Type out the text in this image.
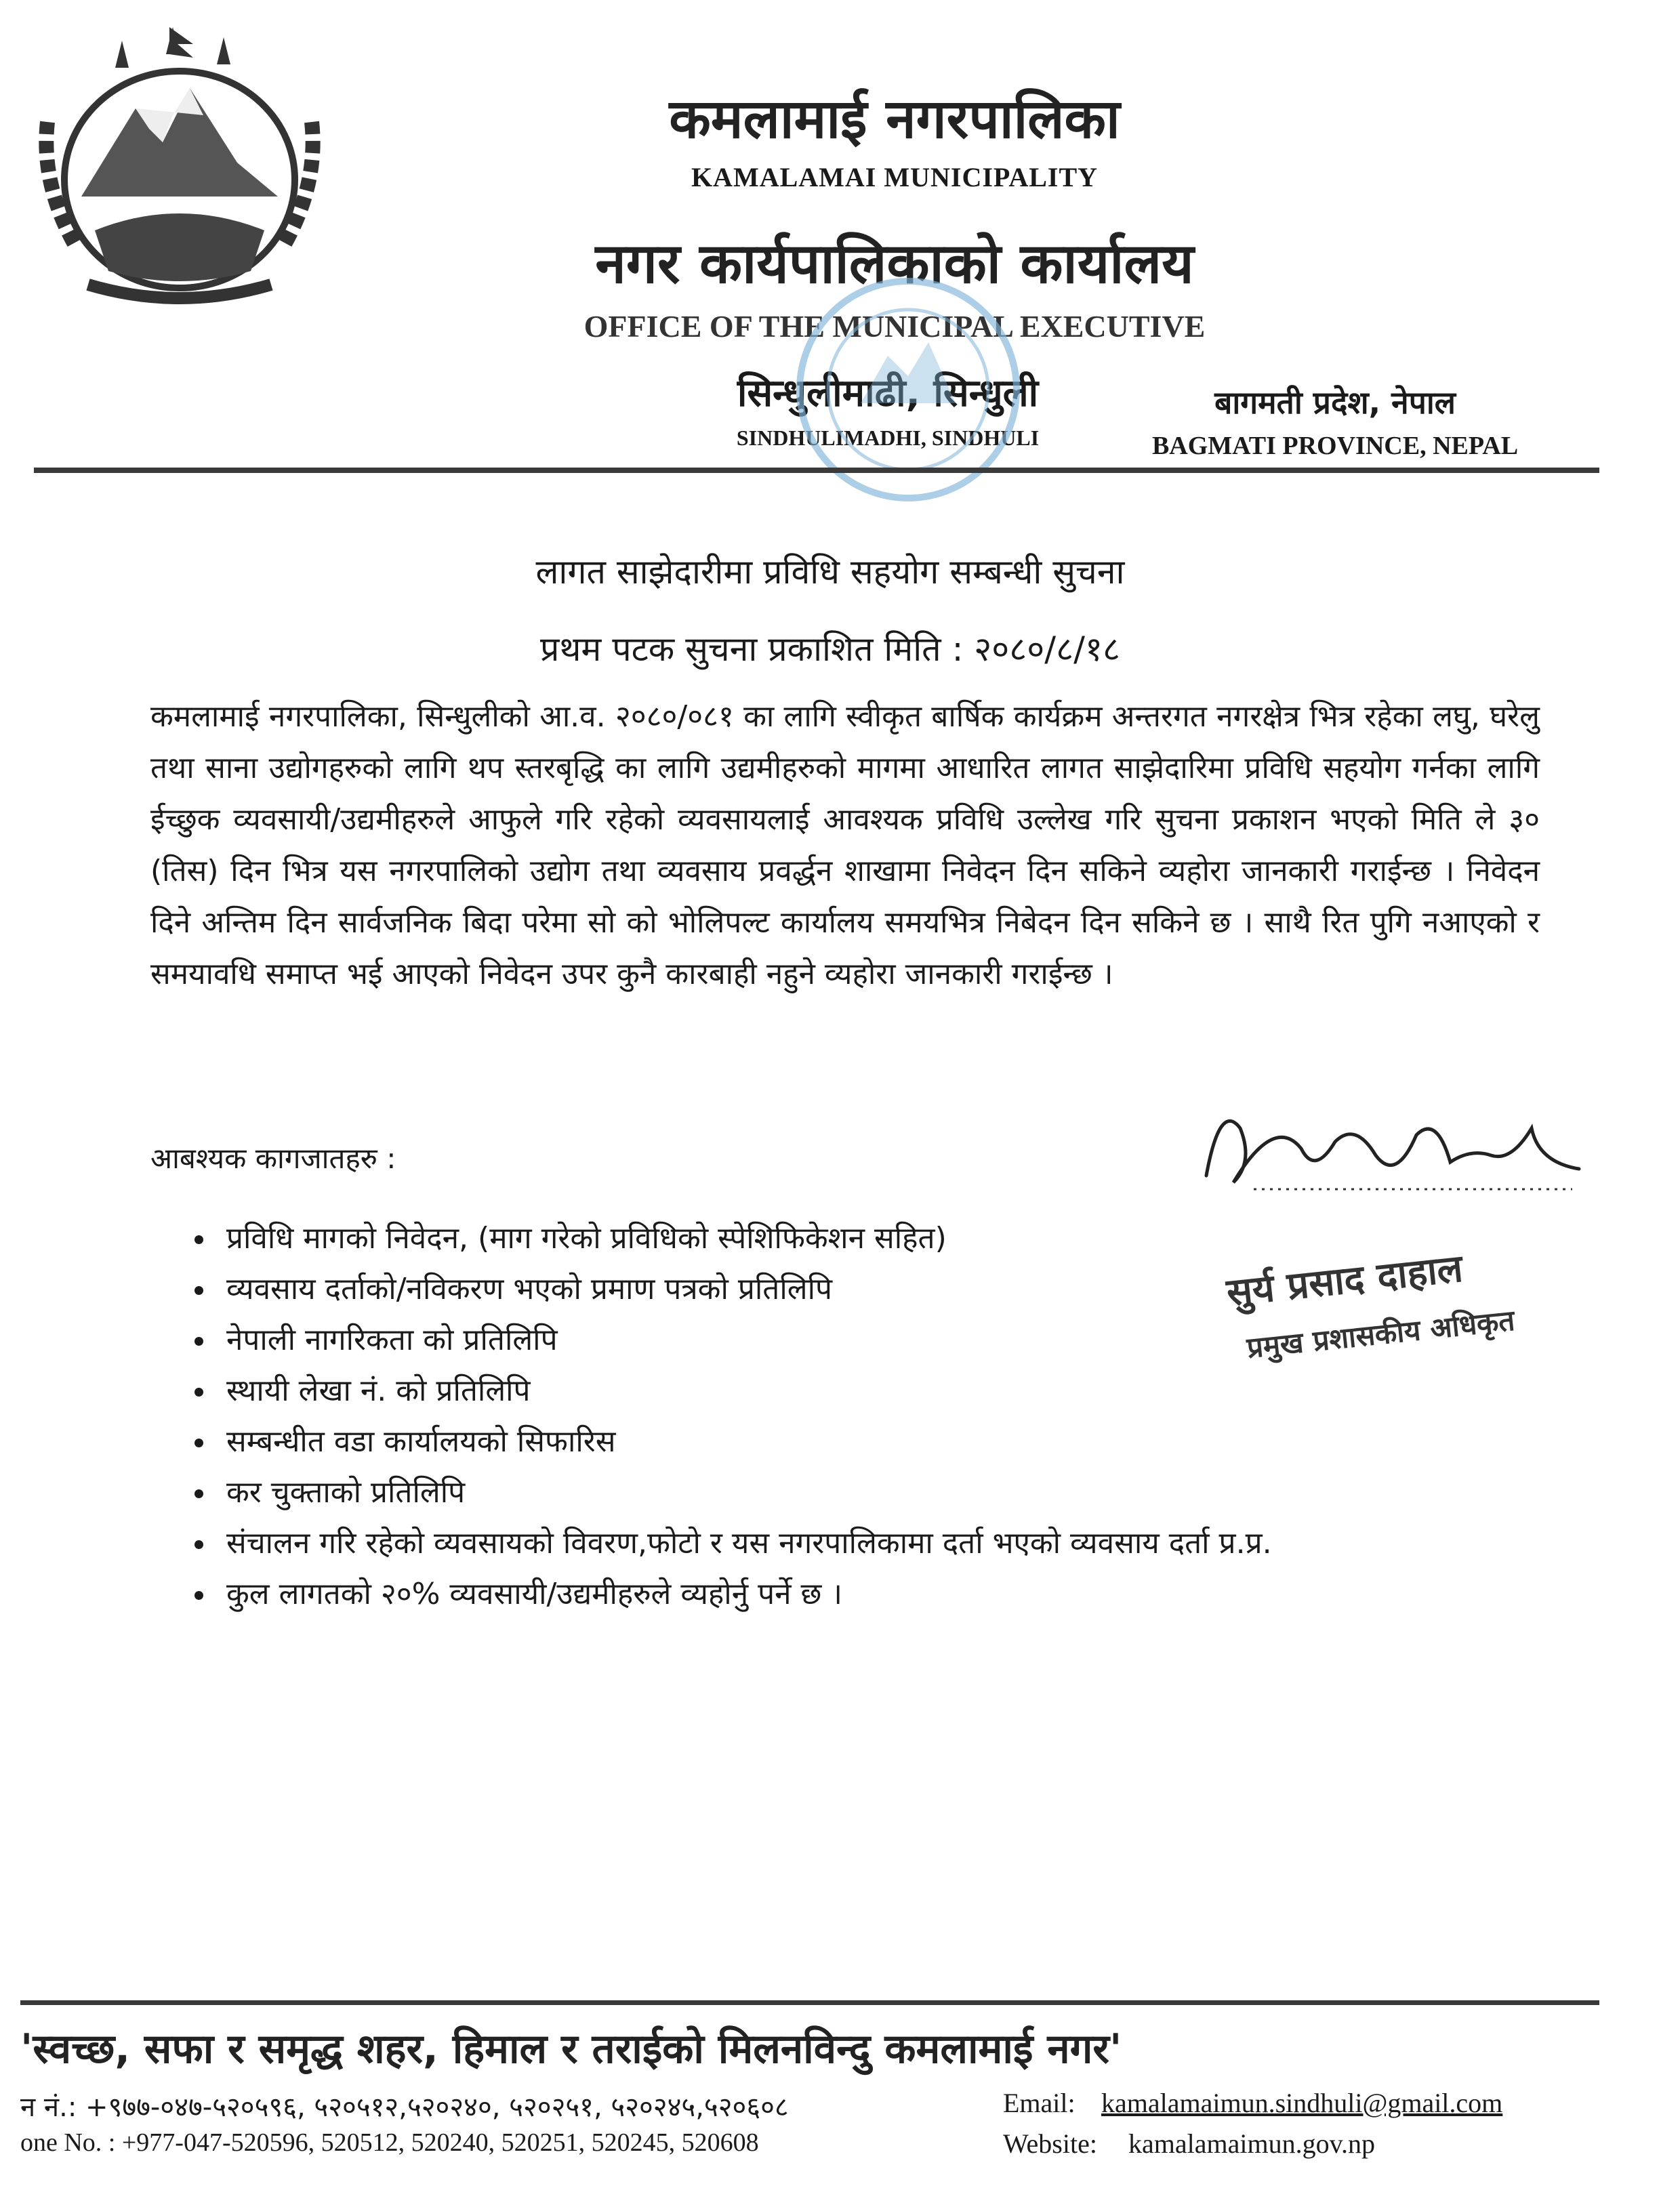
कमलामाई नगरपालिका
KAMALAMAI MUNICIPALITY
नगर कार्यपालिकाको कार्यालय
OFFICE OF THE MUNICIPAL EXECUTIVE
सिन्धुलीमाढी, सिन्धुली
SINDHULIMADHI, SINDHULI
बागमती प्रदेश, नेपाल
BAGMATI PROVINCE, NEPAL
लागत साझेदारीमा प्रविधि सहयोग सम्बन्धी सुचना
प्रथम पटक सुचना प्रकाशित मिति : २०८०/८/१८
कमलामाई नगरपालिका, सिन्धुलीको आ.व. २०८०/०८१ का लागि स्वीकृत बार्षिक कार्यक्रम अन्तरगत नगरक्षेत्र भित्र रहेका लघु, घरेलु तथा साना उद्योगहरुको लागि थप स्तरबृद्धि का लागि उद्यमीहरुको मागमा आधारित लागत साझेदारिमा प्रविधि सहयोग गर्नका लागि ईच्छुक व्यवसायी/उद्यमीहरुले आफुले गरि रहेको व्यवसायलाई आवश्यक प्रविधि उल्लेख गरि सुचना प्रकाशन भएको मिति ले ३० (तिस) दिन भित्र यस नगरपालिको उद्योग तथा व्यवसाय प्रवर्द्धन शाखामा निवेदन दिन सकिने व्यहोरा जानकारी गराईन्छ । निवेदन दिने अन्तिम दिन सार्वजनिक बिदा परेमा सो को भोलिपल्ट कार्यालय समयभित्र निबेदन दिन सकिने छ । साथै रित पुगि नआएको र समयावधि समाप्त भई आएको निवेदन उपर कुनै कारबाही नहुने व्यहोरा जानकारी गराईन्छ ।
आबश्यक कागजातहरु :
• प्रविधि मागको निवेदन, (माग गरेको प्रविधिको स्पेशिफिकेशन सहित)
• व्यवसाय दर्ताको/नविकरण भएको प्रमाण पत्रको प्रतिलिपि
• नेपाली नागरिकता को प्रतिलिपि
• स्थायी लेखा नं. को प्रतिलिपि
• सम्बन्धीत वडा कार्यालयको सिफारिस
• कर चुक्ताको प्रतिलिपि
• संचालन गरि रहेको व्यवसायको विवरण,फोटो र यस नगरपालिकामा दर्ता भएको व्यवसाय दर्ता प्र.प्र.
• कुल लागतको २०% व्यवसायी/उद्यमीहरुले व्यहोर्नु पर्ने छ ।
सुर्य प्रसाद दाहाल
प्रमुख प्रशासकीय अधिकृत
'स्वच्छ, सफा र समृद्ध शहर, हिमाल र तराईको मिलनविन्दु कमलामाई नगर'
न नं.: +९७७-०४७-५२०५९६, ५२०५१२,५२०२४०, ५२०२५१, ५२०२४५,५२०६०८
one No. : +977-047-520596, 520512, 520240, 520251, 520245, 520608
Email: kamalamaimun.sindhuli@gmail.com
Website: kamalamaimun.gov.np
